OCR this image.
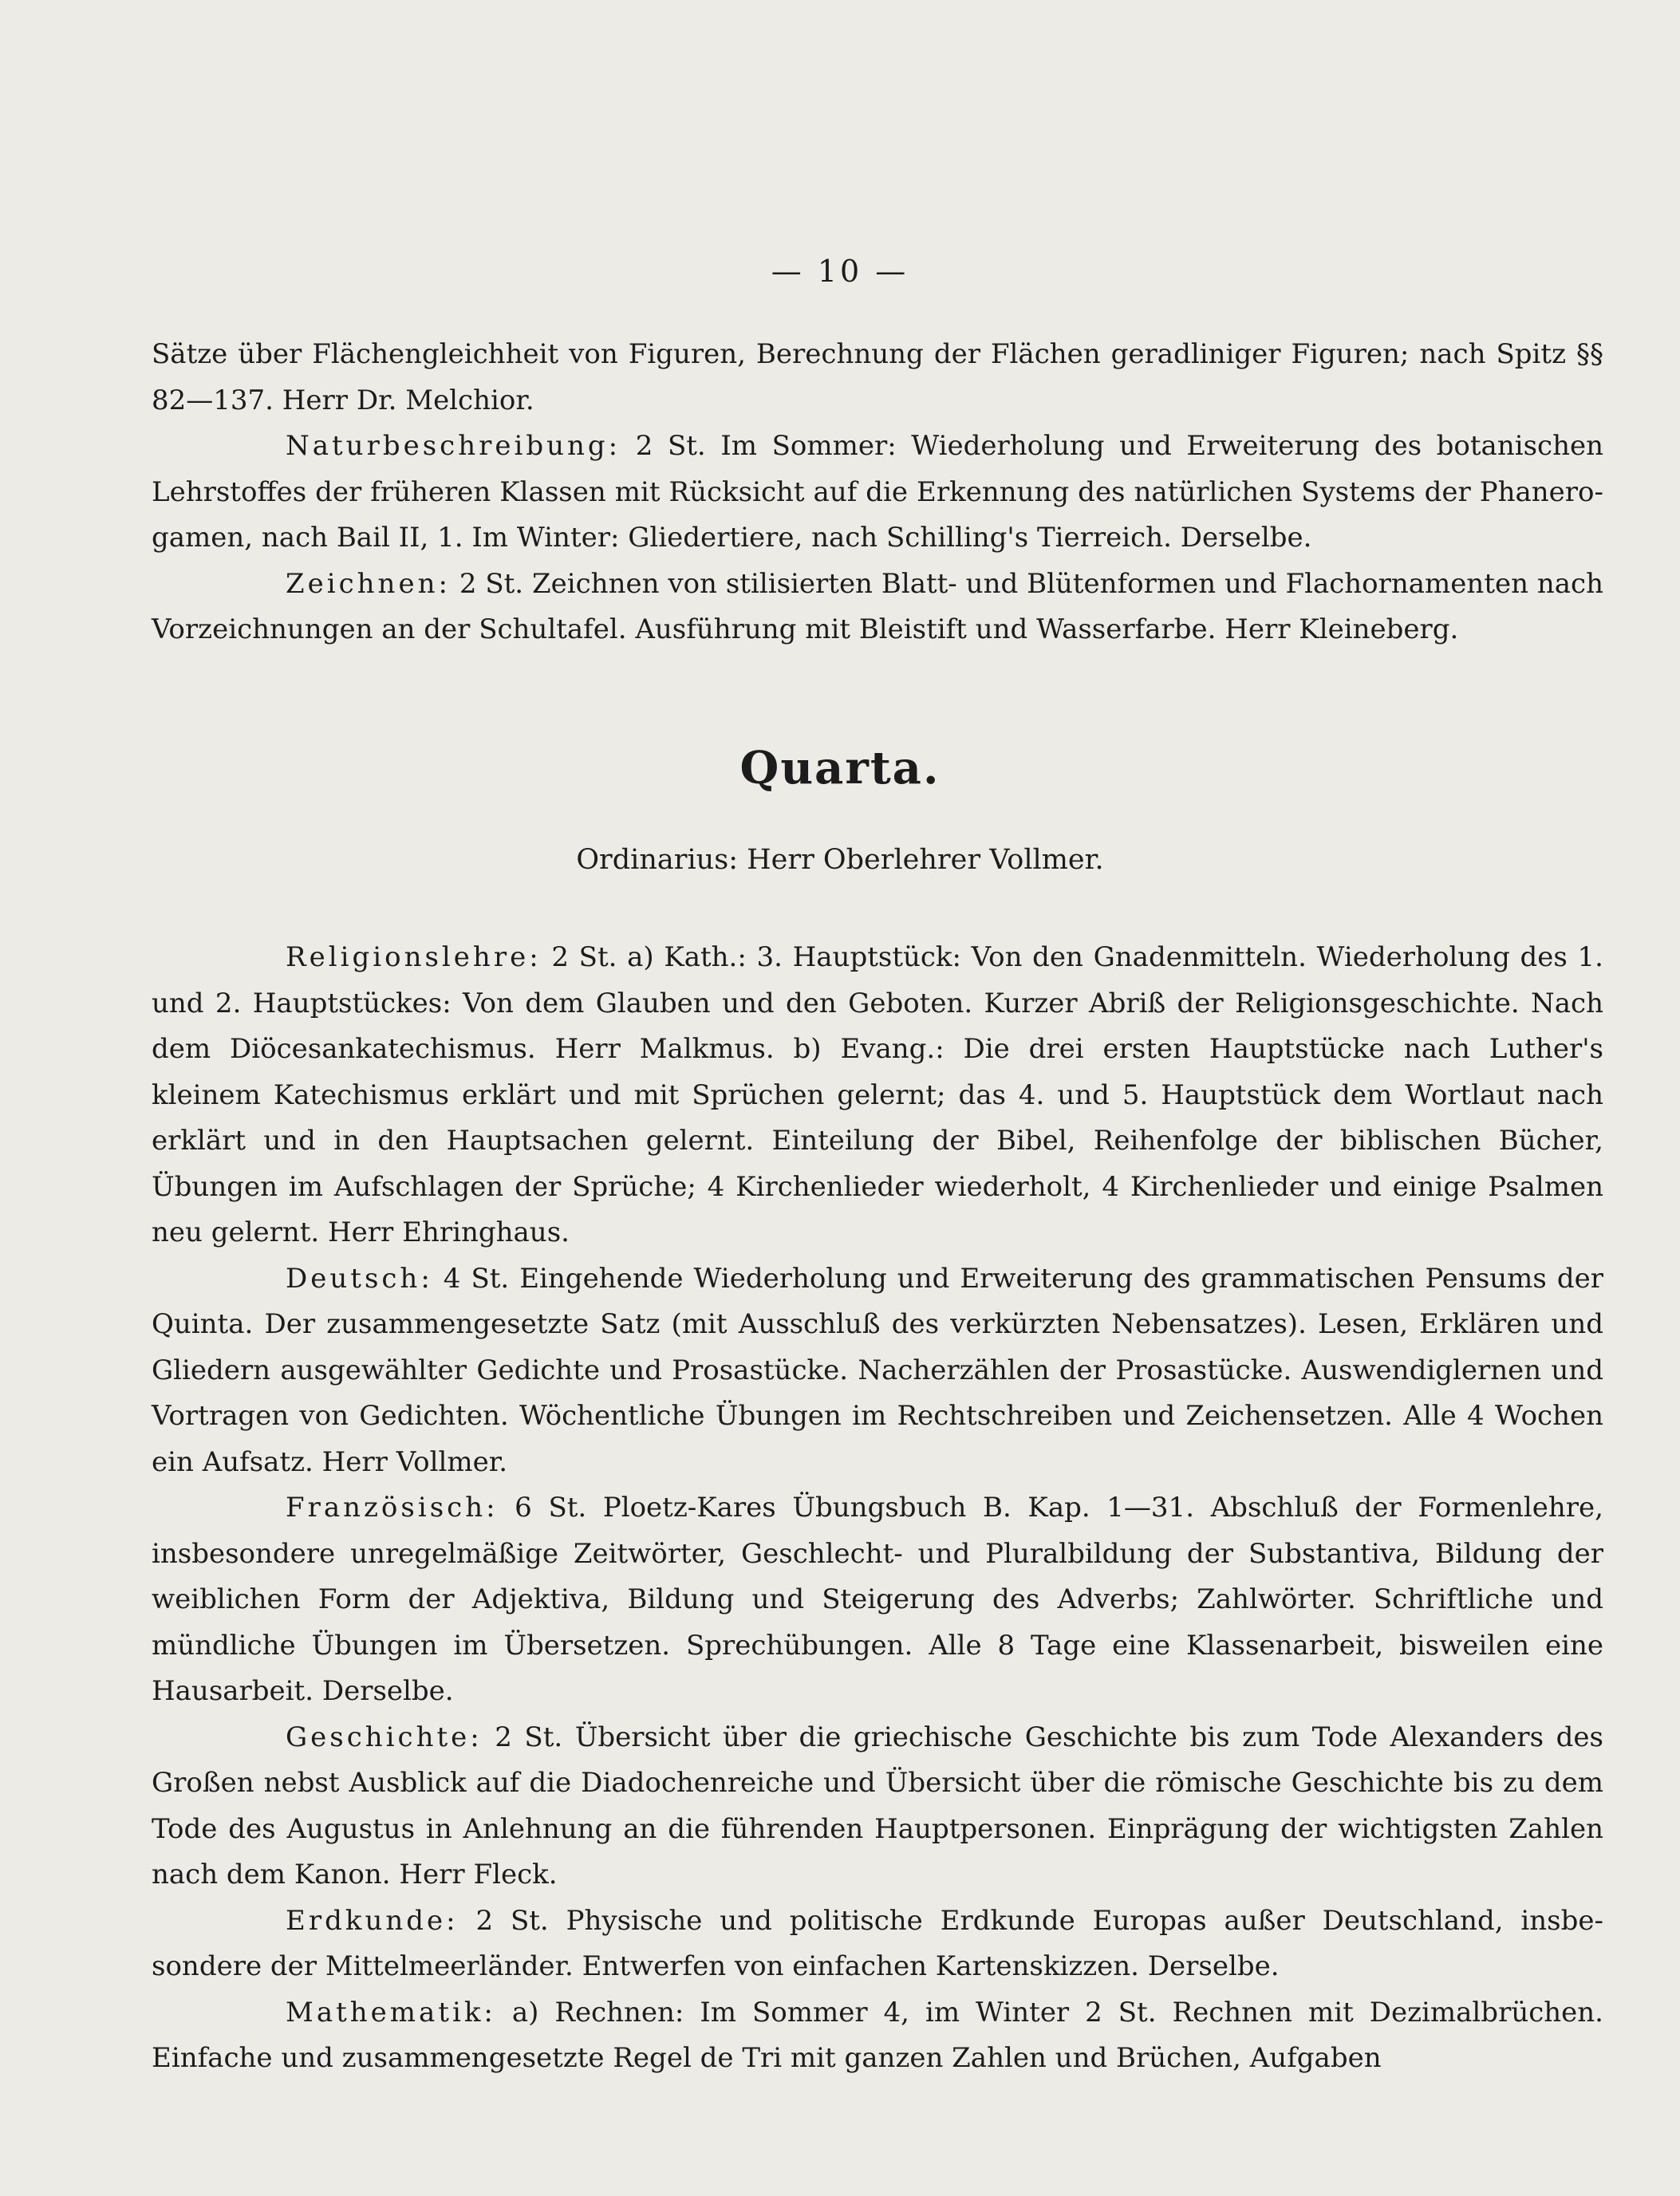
— 10 —

Sätze über Flächengleichheit von Figuren, Berechnung der Flächen geradliniger Figuren; nach Spitz §§ 82—137. Herr Dr. Melchior.

Naturbeschreibung: 2 St. Im Sommer: Wiederholung und Erweiterung des botanischen Lehrstoffes der früheren Klassen mit Rücksicht auf die Erkennung des natürlichen Systems der Phanerogamen, nach Bail II, 1. Im Winter: Gliedertiere, nach Schilling's Tierreich. Derselbe.

Zeichnen: 2 St. Zeichnen von stilisierten Blatt- und Blütenformen und Flachornamenten nach Vorzeichnungen an der Schultafel. Ausführung mit Bleistift und Wasserfarbe. Herr Kleineberg.

Quarta.
Ordinarius: Herr Oberlehrer Vollmer.

Religionslehre: 2 St. a) Kath.: 3. Hauptstück: Von den Gnadenmitteln. Wiederholung des 1. und 2. Hauptstückes: Von dem Glauben und den Geboten. Kurzer Abriß der Religionsgeschichte. Nach dem Diöcesankatechismus. Herr Malkmus. b) Evang.: Die drei ersten Hauptstücke nach Luther's kleinem Katechismus erklärt und mit Sprüchen gelernt; das 4. und 5. Hauptstück dem Wortlaut nach erklärt und in den Hauptsachen gelernt. Einteilung der Bibel, Reihenfolge der biblischen Bücher, Übungen im Aufschlagen der Sprüche; 4 Kirchenlieder wiederholt, 4 Kirchenlieder und einige Psalmen neu gelernt. Herr Ehringhaus.

Deutsch: 4 St. Eingehende Wiederholung und Erweiterung des grammatischen Pensums der Quinta. Der zusammengesetzte Satz (mit Ausschluß des verkürzten Nebensatzes). Lesen, Erklären und Gliedern ausgewählter Gedichte und Prosastücke. Nacherzählen der Prosastücke. Auswendiglernen und Vortragen von Gedichten. Wöchentliche Übungen im Rechtschreiben und Zeichensetzen. Alle 4 Wochen ein Aufsatz. Herr Vollmer.

Französisch: 6 St. Ploetz-Kares Übungsbuch B. Kap. 1—31. Abschluß der Formenlehre, insbesondere unregelmäßige Zeitwörter, Geschlecht- und Pluralbildung der Substantiva, Bildung der weiblichen Form der Adjektiva, Bildung und Steigerung des Adverbs; Zahlwörter. Schriftliche und mündliche Übungen im Übersetzen. Sprechübungen. Alle 8 Tage eine Klassenarbeit, bisweilen eine Hausarbeit. Derselbe.

Geschichte: 2 St. Übersicht über die griechische Geschichte bis zum Tode Alexanders des Großen nebst Ausblick auf die Diadochenreiche und Übersicht über die römische Geschichte bis zu dem Tode des Augustus in Anlehnung an die führenden Hauptpersonen. Einprägung der wichtigsten Zahlen nach dem Kanon. Herr Fleck.

Erdkunde: 2 St. Physische und politische Erdkunde Europas außer Deutschland, insbesondere der Mittelmeerländer. Entwerfen von einfachen Kartenskizzen. Derselbe.

Mathematik: a) Rechnen: Im Sommer 4, im Winter 2 St. Rechnen mit Dezimalbrüchen. Einfache und zusammengesetzte Regel de Tri mit ganzen Zahlen und Brüchen, Aufgaben
